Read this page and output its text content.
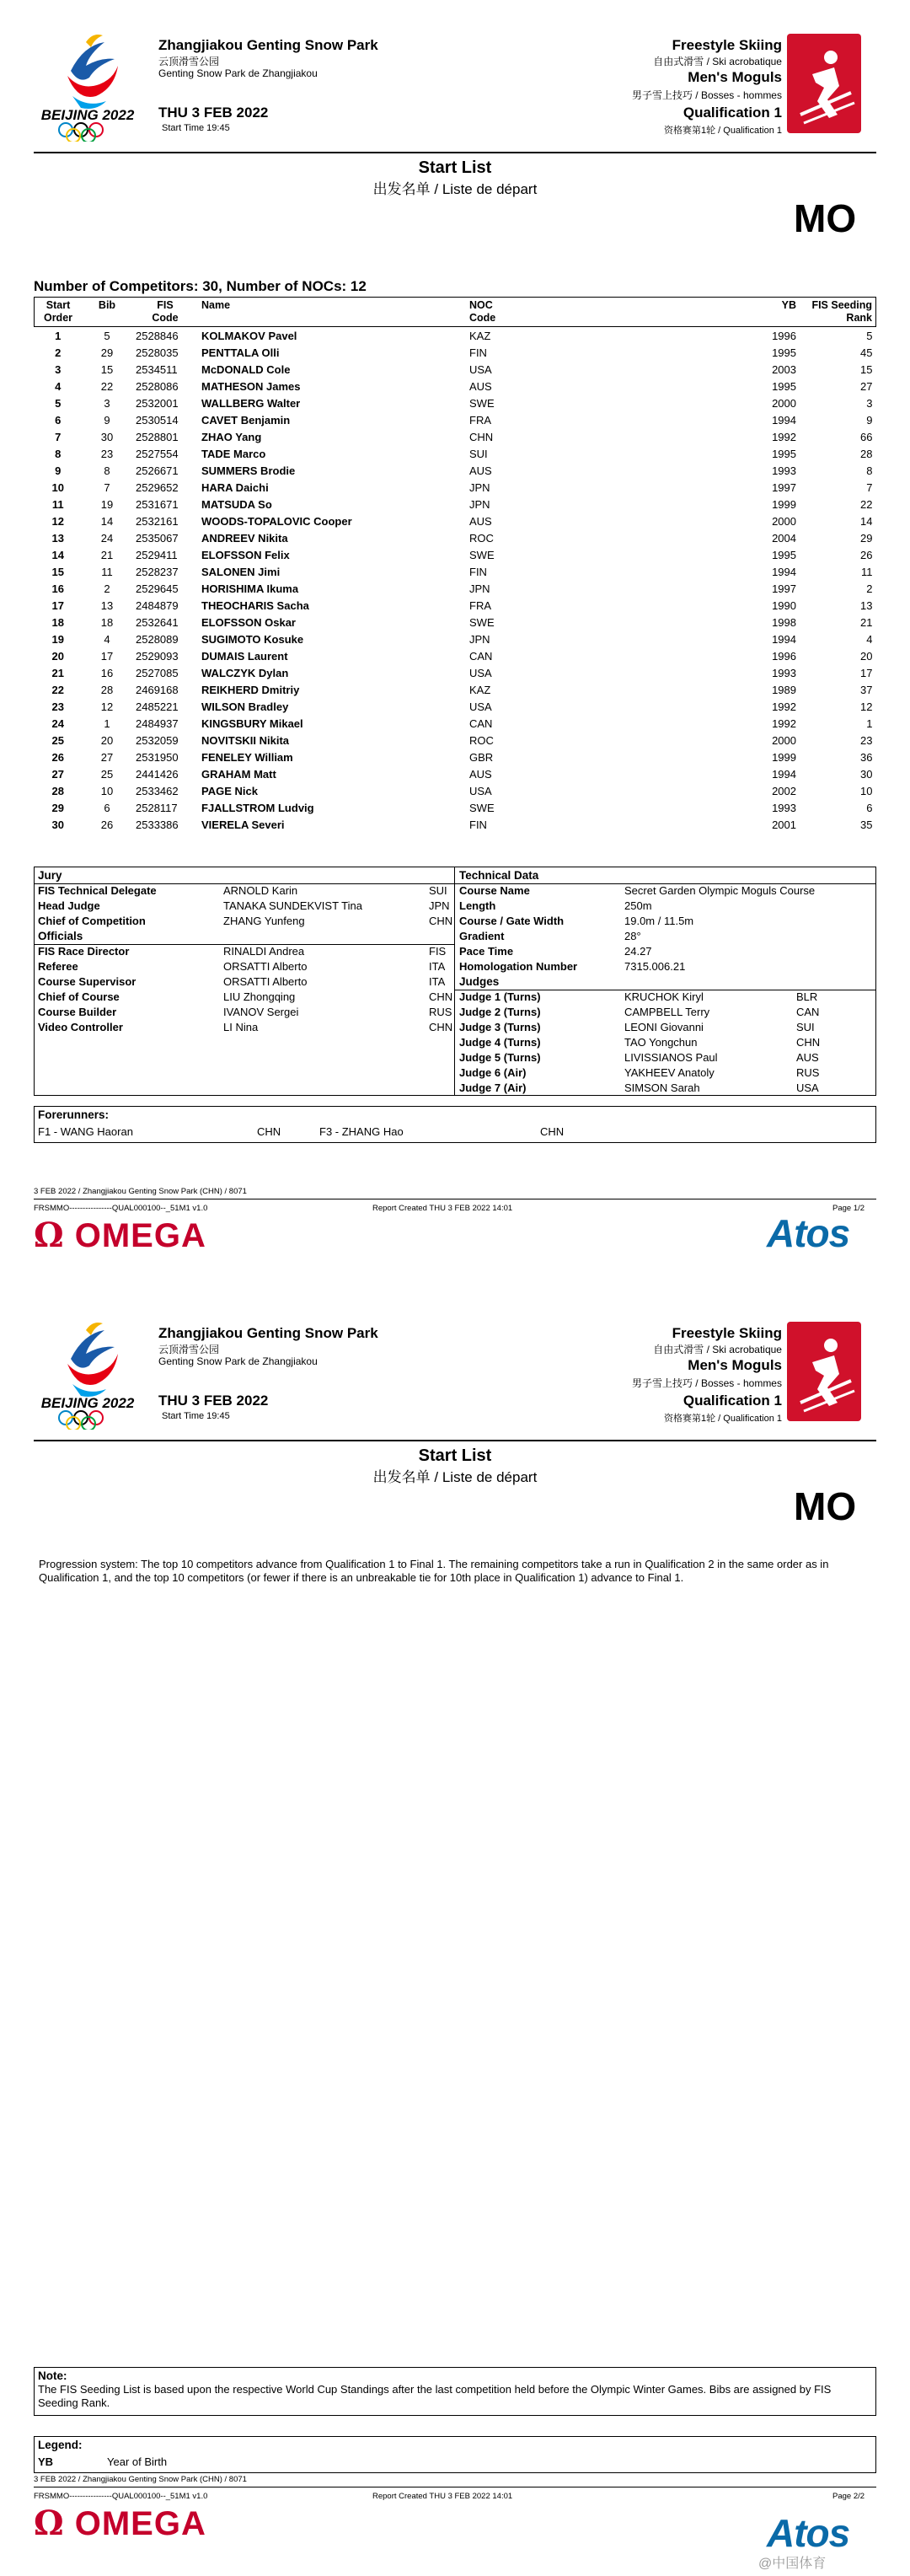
BEIJING 2022
Zhangjiakou Genting Snow Park
云顶滑雪公园
Genting Snow Park de Zhangjiakou
THU 3 FEB 2022
Start Time 19:45
Freestyle Skiing
自由式滑雪 / Ski acrobatique
Men's Moguls
男子雪上技巧 / Bosses - hommes
Qualification 1
资格赛第1轮 / Qualification 1
Start List
出发名单 / Liste de départ
MO
Number of Competitors: 30, Number of NOCs: 12
Start
Order	Bib	FIS
Code	Name	NOC
Code	YB	FIS Seeding
Rank
1	5	2528846	KOLMAKOV Pavel	KAZ	1996	5
2	29	2528035	PENTTALA Olli	FIN	1995	45
3	15	2534511	McDONALD Cole	USA	2003	15
4	22	2528086	MATHESON James	AUS	1995	27
5	3	2532001	WALLBERG Walter	SWE	2000	3
6	9	2530514	CAVET Benjamin	FRA	1994	9
7	30	2528801	ZHAO Yang	CHN	1992	66
8	23	2527554	TADE Marco	SUI	1995	28
9	8	2526671	SUMMERS Brodie	AUS	1993	8
10	7	2529652	HARA Daichi	JPN	1997	7
11	19	2531671	MATSUDA So	JPN	1999	22
12	14	2532161	WOODS-TOPALOVIC Cooper	AUS	2000	14
13	24	2535067	ANDREEV Nikita	ROC	2004	29
14	21	2529411	ELOFSSON Felix	SWE	1995	26
15	11	2528237	SALONEN Jimi	FIN	1994	11
16	2	2529645	HORISHIMA Ikuma	JPN	1997	2
17	13	2484879	THEOCHARIS Sacha	FRA	1990	13
18	18	2532641	ELOFSSON Oskar	SWE	1998	21
19	4	2528089	SUGIMOTO Kosuke	JPN	1994	4
20	17	2529093	DUMAIS Laurent	CAN	1996	20
21	16	2527085	WALCZYK Dylan	USA	1993	17
22	28	2469168	REIKHERD Dmitriy	KAZ	1989	37
23	12	2485221	WILSON Bradley	USA	1992	12
24	1	2484937	KINGSBURY Mikael	CAN	1992	1
25	20	2532059	NOVITSKII Nikita	ROC	2000	23
26	27	2531950	FENELEY William	GBR	1999	36
27	25	2441426	GRAHAM Matt	AUS	1994	30
28	10	2533462	PAGE Nick	USA	2002	10
29	6	2528117	FJALLSTROM Ludvig	SWE	1993	6
30	26	2533386	VIERELA Severi	FIN	2001	35
Jury
FIS Technical Delegate	ARNOLD Karin	SUI
Head Judge	TANAKA SUNDEKVIST Tina	JPN
Chief of Competition	ZHANG Yunfeng	CHN
Officials
FIS Race Director	RINALDI Andrea	FIS
Referee	ORSATTI Alberto	ITA
Course Supervisor	ORSATTI Alberto	ITA
Chief of Course	LIU Zhongqing	CHN
Course Builder	IVANOV Sergei	RUS
Video Controller	LI Nina	CHN
Technical Data
Course Name	Secret Garden Olympic Moguls Course
Length	250m
Course / Gate Width	19.0m / 11.5m
Gradient	28°
Pace Time	24.27
Homologation Number	7315.006.21
Judges
Judge 1 (Turns)	KRUCHOK Kiryl	BLR
Judge 2 (Turns)	CAMPBELL Terry	CAN
Judge 3 (Turns)	LEONI Giovanni	SUI
Judge 4 (Turns)	TAO Yongchun	CHN
Judge 5 (Turns)	LIVISSIANOS Paul	AUS
Judge 6 (Air)	YAKHEEV Anatoly	RUS
Judge 7 (Air)	SIMSON Sarah	USA
Forerunners:
F1 - WANG Haoran	CHN	F3 - ZHANG Hao	CHN
3 FEB 2022 / Zhangjiakou Genting Snow Park (CHN) / 8071
FRSMMO----------------QUAL000100--_51M1 v1.0	Report Created THU 3 FEB 2022 14:01	Page 1/2
Ω OMEGA	Atos
BEIJING 2022
Zhangjiakou Genting Snow Park
云顶滑雪公园
Genting Snow Park de Zhangjiakou
THU 3 FEB 2022
Start Time 19:45
Freestyle Skiing
自由式滑雪 / Ski acrobatique
Men's Moguls
男子雪上技巧 / Bosses - hommes
Qualification 1
资格赛第1轮 / Qualification 1
Start List
出发名单 / Liste de départ
MO
Progression system: The top 10 competitors advance from Qualification 1 to Final 1. The remaining competitors take a run in Qualification 2 in the same order as in Qualification 1, and the top 10 competitors (or fewer if there is an unbreakable tie for 10th place in Qualification 1) advance to Final 1.
Note:
The FIS Seeding List is based upon the respective World Cup Standings after the last competition held before the Olympic Winter Games. Bibs are assigned by FIS Seeding Rank.
Legend:
YB	Year of Birth
3 FEB 2022 / Zhangjiakou Genting Snow Park (CHN) / 8071
FRSMMO----------------QUAL000100--_51M1 v1.0	Report Created THU 3 FEB 2022 14:01	Page 2/2
Ω OMEGA	Atos
@中国体育
